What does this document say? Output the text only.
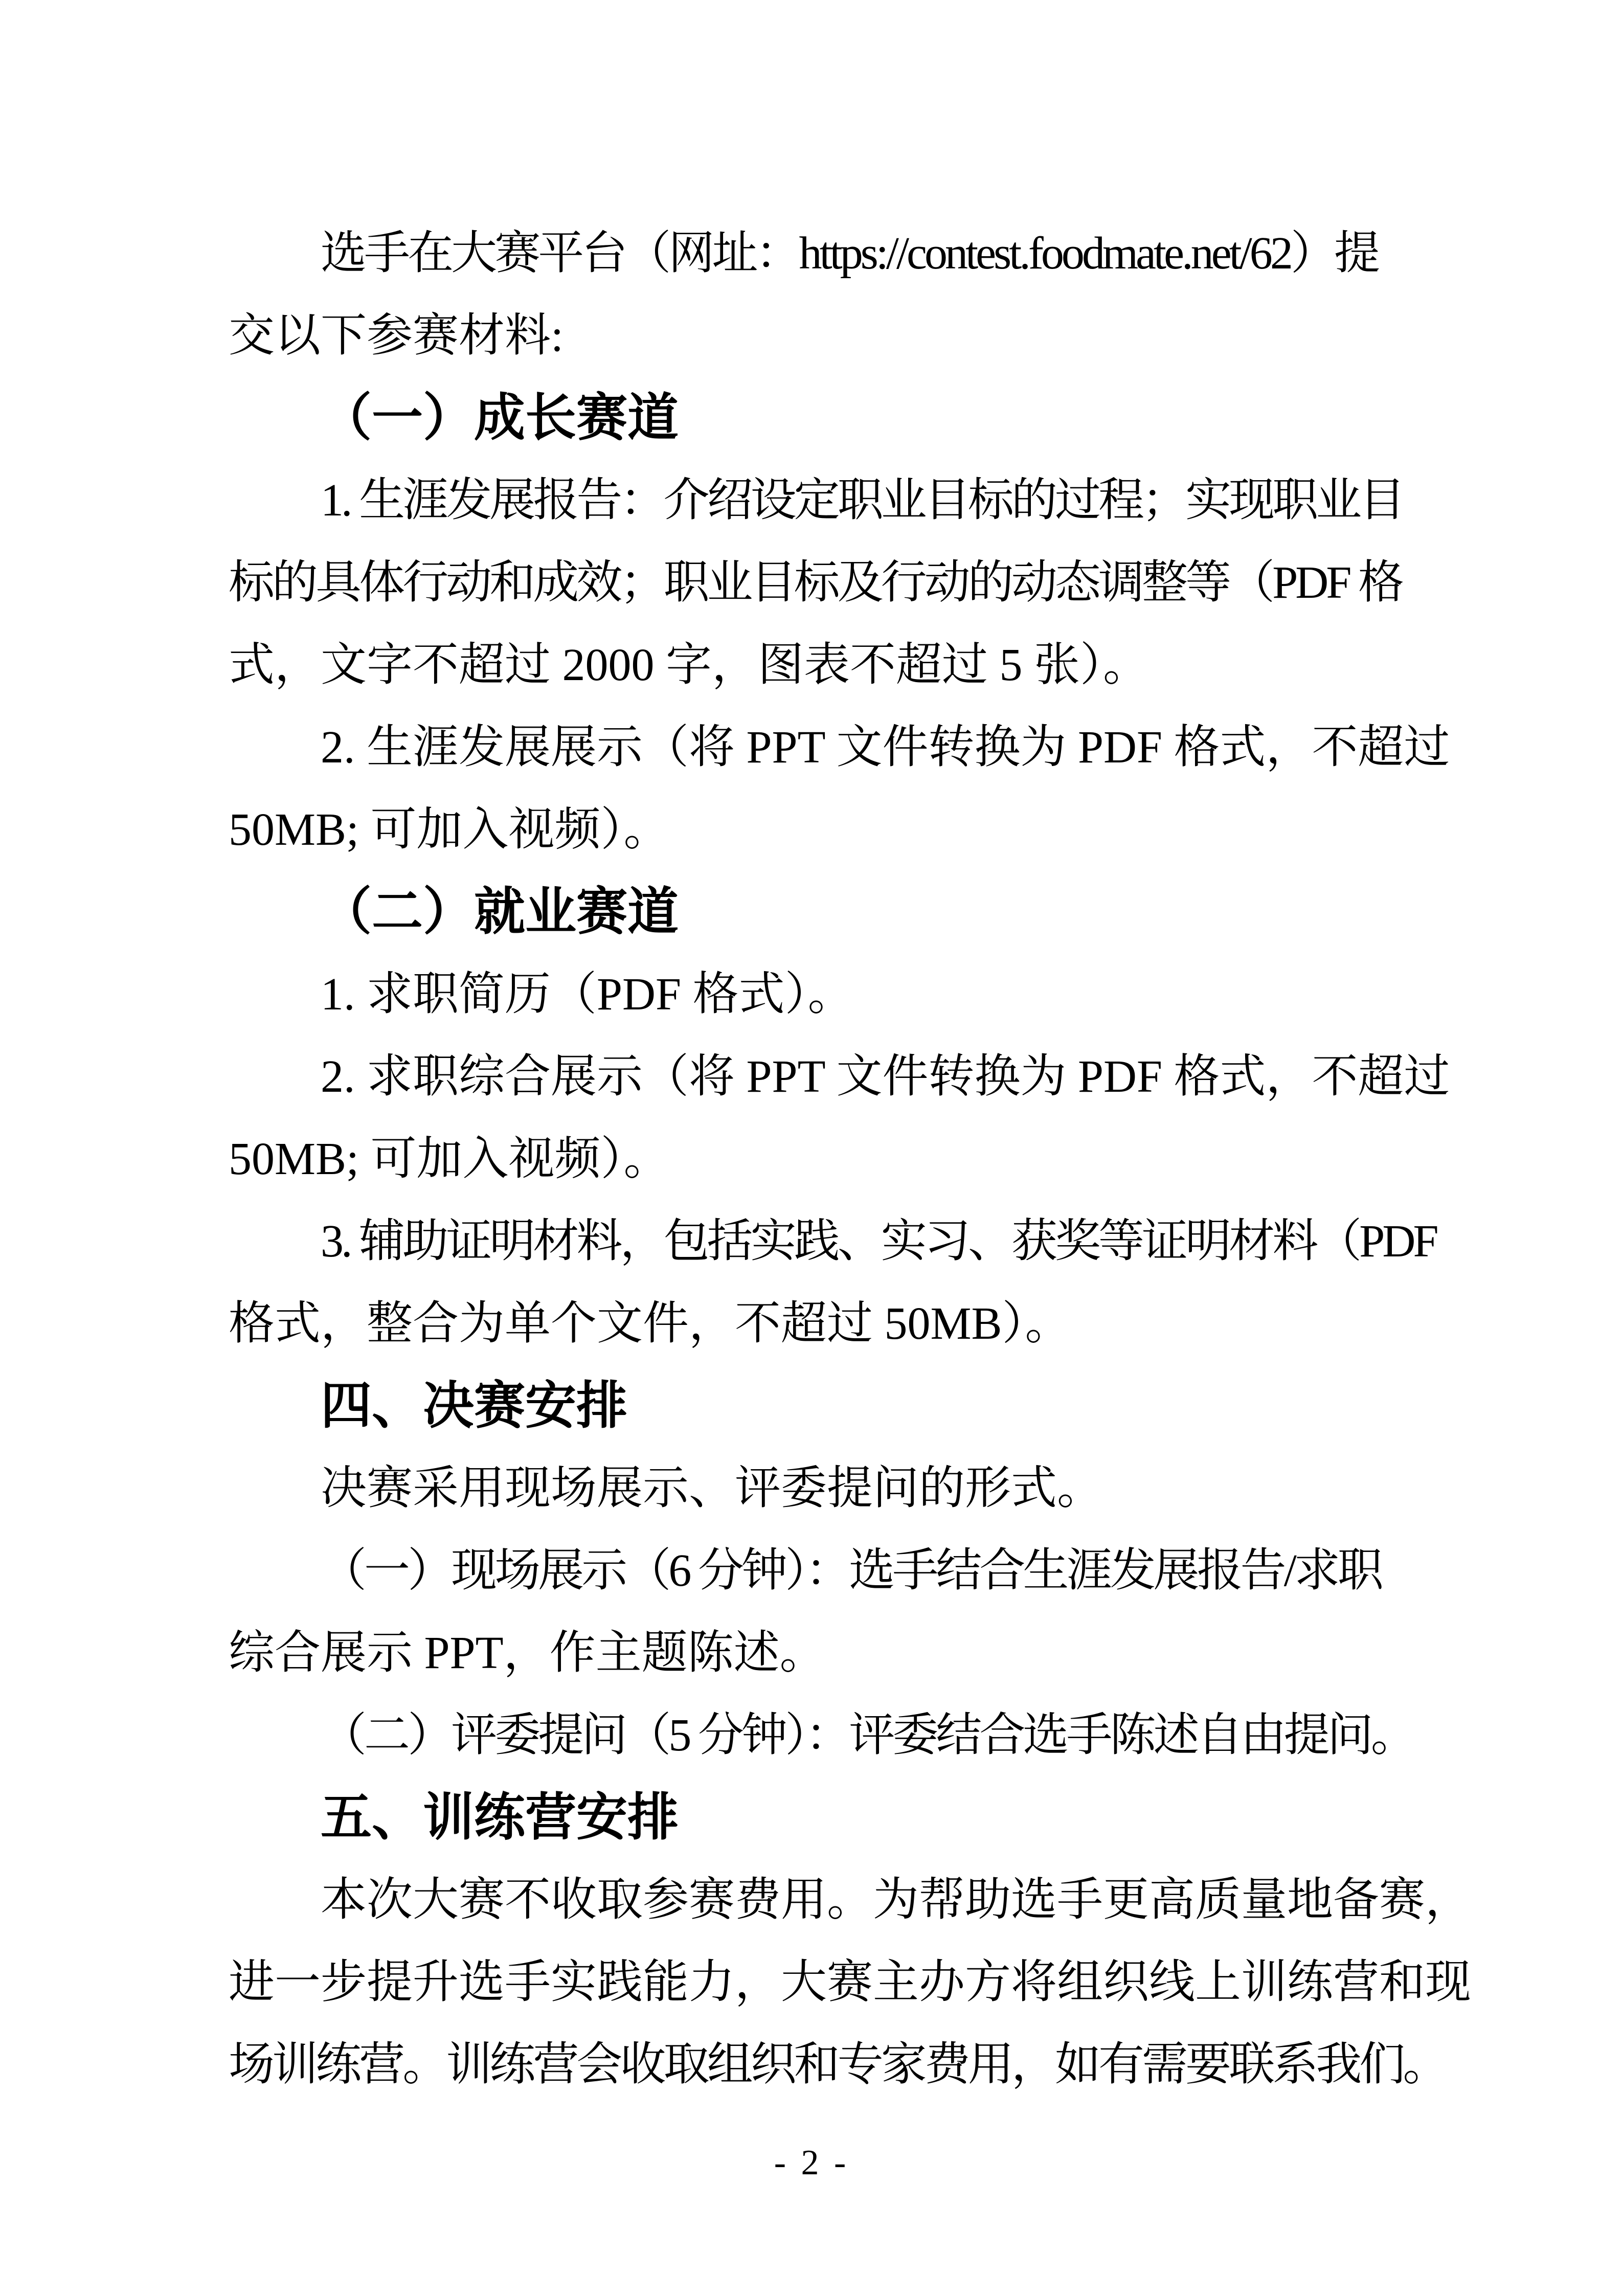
选手在大赛平台（网址：https://contest.foodmate.net/62）提
交以下参赛材料:
（一）成长赛道
1. 生涯发展报告：介绍设定职业目标的过程；实现职业目
标的具体行动和成效；职业目标及行动的动态调整等（PDF 格
式，文字不超过 2000 字，图表不超过 5 张）。
2. 生涯发展展示（将 PPT 文件转换为 PDF 格式，不超过
50MB; 可加入视频）。
（二）就业赛道
1. 求职简历（PDF 格式）。
2. 求职综合展示（将 PPT 文件转换为 PDF 格式，不超过
50MB; 可加入视频）。
3. 辅助证明材料，包括实践、实习、获奖等证明材料（PDF
格式，整合为单个文件，不超过 50MB）。
四、决赛安排
决赛采用现场展示、评委提问的形式。
（一）现场展示（6 分钟）：选手结合生涯发展报告/求职
综合展示 PPT，作主题陈述。
（二）评委提问（5 分钟）：评委结合选手陈述自由提问。
五、训练营安排
本次大赛不收取参赛费用。为帮助选手更高质量地备赛，
进一步提升选手实践能力，大赛主办方将组织线上训练营和现
场训练营。训练营会收取组织和专家费用，如有需要联系我们。
- 2 -
